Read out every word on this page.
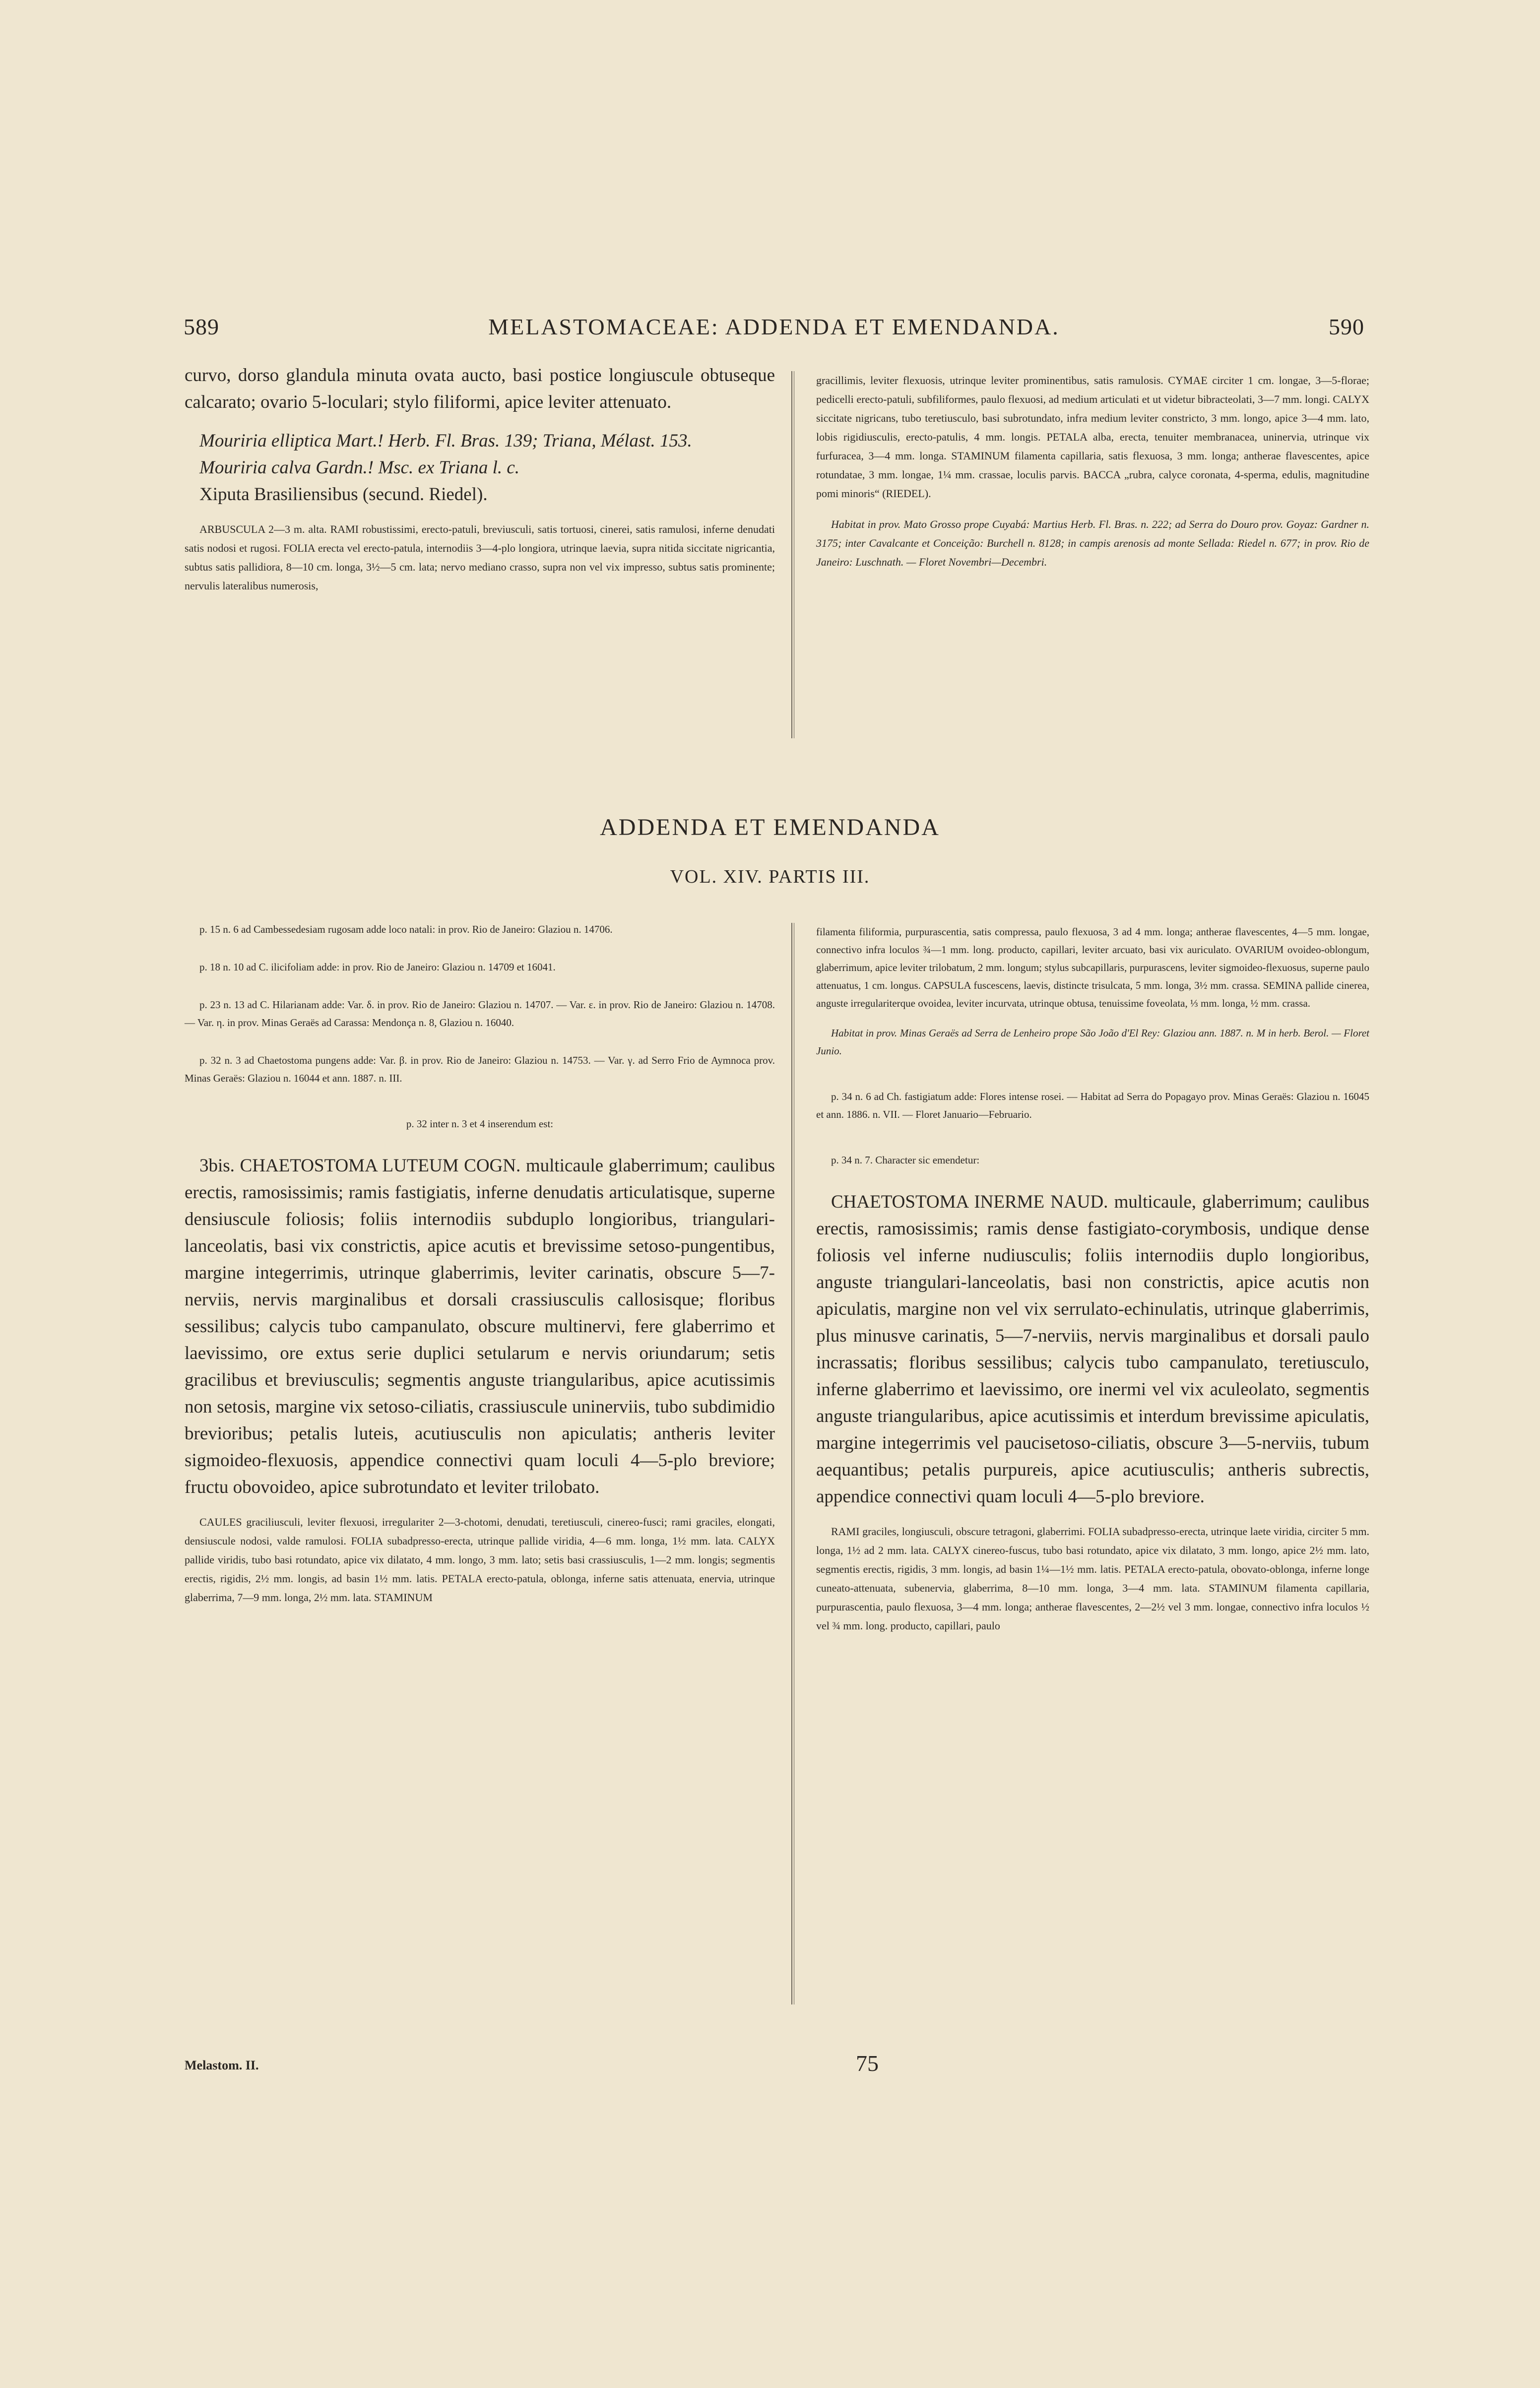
589	MELASTOMACEAE: ADDENDA ET EMENDANDA.	590

curvo, dorso glandula minuta ovata aucto, basi postice longiuscule obtuseque calcarato; ovario 5-loculari; stylo filiformi, apice leviter attenuato.

Mouriria elliptica Mart.! Herb. Fl. Bras. 139; Triana, Mélast. 153.

Mouriria calva Gardn.! Msc. ex Triana l. c.

Xiputa Brasiliensibus (secund. Riedel).

ARBUSCULA 2—3 m. alta. RAMI robustissimi, erecto-patuli, breviusculi, satis tortuosi, cinerei, satis ramulosi, inferne denudati satis nodosi et rugosi. FOLIA erecta vel erecto-patula, internodiis 3—4-plo longiora, utrinque laevia, supra nitida siccitate nigricantia, subtus satis pallidiora, 8—10 cm. longa, 3½—5 cm. lata; nervo mediano crasso, supra non vel vix impresso, subtus satis prominente; nervulis lateralibus numerosis,

gracillimis, leviter flexuosis, utrinque leviter prominentibus, satis ramulosis. CYMAE circiter 1 cm. longae, 3—5-florae; pedicelli erecto-patuli, subfiliformes, paulo flexuosi, ad medium articulati et ut videtur bibracteolati, 3—7 mm. longi. CALYX siccitate nigricans, tubo teretiusculo, basi subrotundato, infra medium leviter constricto, 3 mm. longo, apice 3—4 mm. lato, lobis rigidiusculis, erecto-patulis, 4 mm. longis. PETALA alba, erecta, tenuiter membranacea, uninervia, utrinque vix furfuracea, 3—4 mm. longa. STAMINUM filamenta capillaria, satis flexuosa, 3 mm. longa; antherae flavescentes, apice rotundatae, 3 mm. longae, 1¼ mm. crassae, loculis parvis. BACCA „rubra, calyce coronata, 4-sperma, edulis, magnitudine pomi minoris“ (RIEDEL).

Habitat in prov. Mato Grosso prope Cuyabá: Martius Herb. Fl. Bras. n. 222; ad Serra do Douro prov. Goyaz: Gardner n. 3175; inter Cavalcante et Conceição: Burchell n. 8128; in campis arenosis ad monte Sellada: Riedel n. 677; in prov. Rio de Janeiro: Luschnath. — Floret Novembri—Decembri.

ADDENDA ET EMENDANDA
VOL. XIV. PARTIS III.

p. 15 n. 6 ad Cambessedesiam rugosam adde loco natali: in prov. Rio de Janeiro: Glaziou n. 14706.

p. 18 n. 10 ad C. ilicifoliam adde: in prov. Rio de Janeiro: Glaziou n. 14709 et 16041.

p. 23 n. 13 ad C. Hilarianam adde: Var. δ. in prov. Rio de Janeiro: Glaziou n. 14707. — Var. ε. in prov. Rio de Janeiro: Glaziou n. 14708. — Var. η. in prov. Minas Geraës ad Carassa: Mendonça n. 8, Glaziou n. 16040.

p. 32 n. 3 ad Chaetostoma pungens adde: Var. β. in prov. Rio de Janeiro: Glaziou n. 14753. — Var. γ. ad Serro Frio de Aymnoca prov. Minas Geraës: Glaziou n. 16044 et ann. 1887. n. III.

p. 32 inter n. 3 et 4 inserendum est:

3bis. CHAETOSTOMA LUTEUM COGN. multicaule glaberrimum; caulibus erectis, ramosissimis; ramis fastigiatis, inferne denudatis articulatisque, superne densiuscule foliosis; foliis internodiis subduplo longioribus, triangulari-lanceolatis, basi vix constrictis, apice acutis et brevissime setoso-pungentibus, margine integerrimis, utrinque glaberrimis, leviter carinatis, obscure 5—7-nerviis, nervis marginalibus et dorsali crassiusculis callosisque; floribus sessilibus; calycis tubo campanulato, obscure multinervi, fere glaberrimo et laevissimo, ore extus serie duplici setularum e nervis oriundarum; setis gracilibus et breviusculis; segmentis anguste triangularibus, apice acutissimis non setosis, margine vix setoso-ciliatis, crassiuscule uninerviis, tubo subdimidio brevioribus; petalis luteis, acutiusculis non apiculatis; antheris leviter sigmoideo-flexuosis, appendice connectivi quam loculi 4—5-plo breviore; fructu obovoideo, apice subrotundato et leviter trilobato.

CAULES graciliusculi, leviter flexuosi, irregulariter 2—3-chotomi, denudati, teretiusculi, cinereo-fusci; rami graciles, elongati, densiuscule nodosi, valde ramulosi. FOLIA subadpresso-erecta, utrinque pallide viridia, 4—6 mm. longa, 1½ mm. lata. CALYX pallide viridis, tubo basi rotundato, apice vix dilatato, 4 mm. longo, 3 mm. lato; setis basi crassiusculis, 1—2 mm. longis; segmentis erectis, rigidis, 2½ mm. longis, ad basin 1½ mm. latis. PETALA erecto-patula, oblonga, inferne satis attenuata, enervia, utrinque glaberrima, 7—9 mm. longa, 2½ mm. lata. STAMINUM

filamenta filiformia, purpurascentia, satis compressa, paulo flexuosa, 3 ad 4 mm. longa; antherae flavescentes, 4—5 mm. longae, connectivo infra loculos ¾—1 mm. long. producto, capillari, leviter arcuato, basi vix auriculato. OVARIUM ovoideo-oblongum, glaberrimum, apice leviter trilobatum, 2 mm. longum; stylus subcapillaris, purpurascens, leviter sigmoideo-flexuosus, superne paulo attenuatus, 1 cm. longus. CAPSULA fuscescens, laevis, distincte trisulcata, 5 mm. longa, 3½ mm. crassa. SEMINA pallide cinerea, anguste irregulariterque ovoidea, leviter incurvata, utrinque obtusa, tenuissime foveolata, ⅓ mm. longa, ½ mm. crassa.

Habitat in prov. Minas Geraës ad Serra de Lenheiro prope São João d'El Rey: Glaziou ann. 1887. n. M in herb. Berol. — Floret Junio.

p. 34 n. 6 ad Ch. fastigiatum adde: Flores intense rosei. — Habitat ad Serra do Popagayo prov. Minas Geraës: Glaziou n. 16045 et ann. 1886. n. VII. — Floret Januario—Februario.

p. 34 n. 7. Character sic emendetur:

CHAETOSTOMA INERME NAUD. multicaule, glaberrimum; caulibus erectis, ramosissimis; ramis dense fastigiato-corymbosis, undique dense foliosis vel inferne nudiusculis; foliis internodiis duplo longioribus, anguste triangulari-lanceolatis, basi non constrictis, apice acutis non apiculatis, margine non vel vix serrulato-echinulatis, utrinque glaberrimis, plus minusve carinatis, 5—7-nerviis, nervis marginalibus et dorsali paulo incrassatis; floribus sessilibus; calycis tubo campanulato, teretiusculo, inferne glaberrimo et laevissimo, ore inermi vel vix aculeolato, segmentis anguste triangularibus, apice acutissimis et interdum brevissime apiculatis, margine integerrimis vel paucisetoso-ciliatis, obscure 3—5-nerviis, tubum aequantibus; petalis purpureis, apice acutiusculis; antheris subrectis, appendice connectivi quam loculi 4—5-plo breviore.

RAMI graciles, longiusculi, obscure tetragoni, glaberrimi. FOLIA subadpresso-erecta, utrinque laete viridia, circiter 5 mm. longa, 1½ ad 2 mm. lata. CALYX cinereo-fuscus, tubo basi rotundato, apice vix dilatato, 3 mm. longo, apice 2½ mm. lato, segmentis erectis, rigidis, 3 mm. longis, ad basin 1¼—1½ mm. latis. PETALA erecto-patula, obovato-oblonga, inferne longe cuneato-attenuata, subenervia, glaberrima, 8—10 mm. longa, 3—4 mm. lata. STAMINUM filamenta capillaria, purpurascentia, paulo flexuosa, 3—4 mm. longa; antherae flavescentes, 2—2½ vel 3 mm. longae, connectivo infra loculos ½ vel ¾ mm. long. producto, capillari, paulo

Melastom. II.	75
